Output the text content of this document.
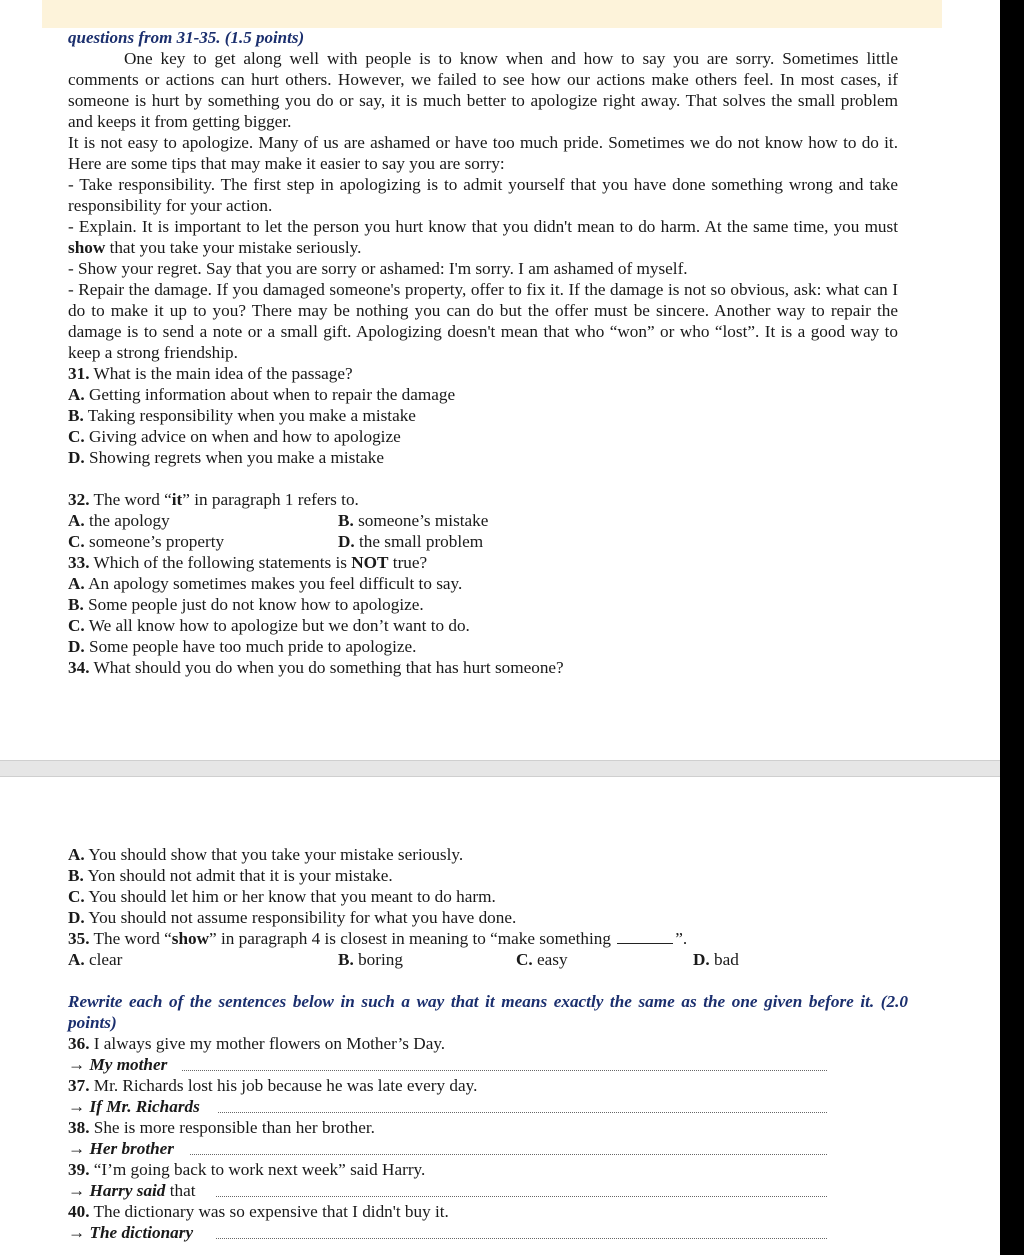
questions from 31-35. (1.5 points)
One key to get along well with people is to know when and how to say you are sorry. Sometimes little comments or actions can hurt others. However, we failed to see how our actions make others feel. In most cases, if someone is hurt by something you do or say, it is much better to apologize right away. That solves the small problem and keeps it from getting bigger.
It is not easy to apologize. Many of us are ashamed or have too much pride. Sometimes we do not know how to do it. Here are some tips that may make it easier to say you are sorry:
- Take responsibility. The first step in apologizing is to admit yourself that you have done something wrong and take responsibility for your action.
- Explain. It is important to let the person you hurt know that you didn't mean to do harm. At the same time, you must show that you take your mistake seriously.
- Show your regret. Say that you are sorry or ashamed: I'm sorry. I am ashamed of myself.
- Repair the damage. If you damaged someone's property, offer to fix it. If the damage is not so obvious, ask: what can I do to make it up to you? There may be nothing you can do but the offer must be sincere. Another way to repair the damage is to send a note or a small gift. Apologizing doesn't mean that who “won” or who “lost”. It is a good way to keep a strong friendship.
31. What is the main idea of the passage?
A. Getting information about when to repair the damage
B. Taking responsibility when you make a mistake
C. Giving advice on when and how to apologize
D. Showing regrets when you make a mistake
32. The word “it” in paragraph 1 refers to.
A. the apology	B. someone’s mistake
C. someone’s property	D. the small problem
33. Which of the following statements is NOT true?
A. An apology sometimes makes you feel difficult to say.
B. Some people just do not know how to apologize.
C. We all know how to apologize but we don’t want to do.
D. Some people have too much pride to apologize.
34. What should you do when you do something that has hurt someone?
A. You should show that you take your mistake seriously.
B. Yon should not admit that it is your mistake.
C. You should let him or her know that you meant to do harm.
D. You should not assume responsibility for what you have done.
35. The word “show” in paragraph 4 is closest in meaning to “make something	”.
A. clear	B. boring	C. easy	D. bad
Rewrite each of the sentences below in such a way that it means exactly the same as the one given before it. (2.0 points)
36. I always give my mother flowers on Mother’s Day.
→ My mother
37. Mr. Richards lost his job because he was late every day.
→ If Mr. Richards
38. She is more responsible than her brother.
→ Her brother
39. “I’m going back to work next week” said Harry.
→ Harry said that
40. The dictionary was so expensive that I didn't buy it.
→ The dictionary
